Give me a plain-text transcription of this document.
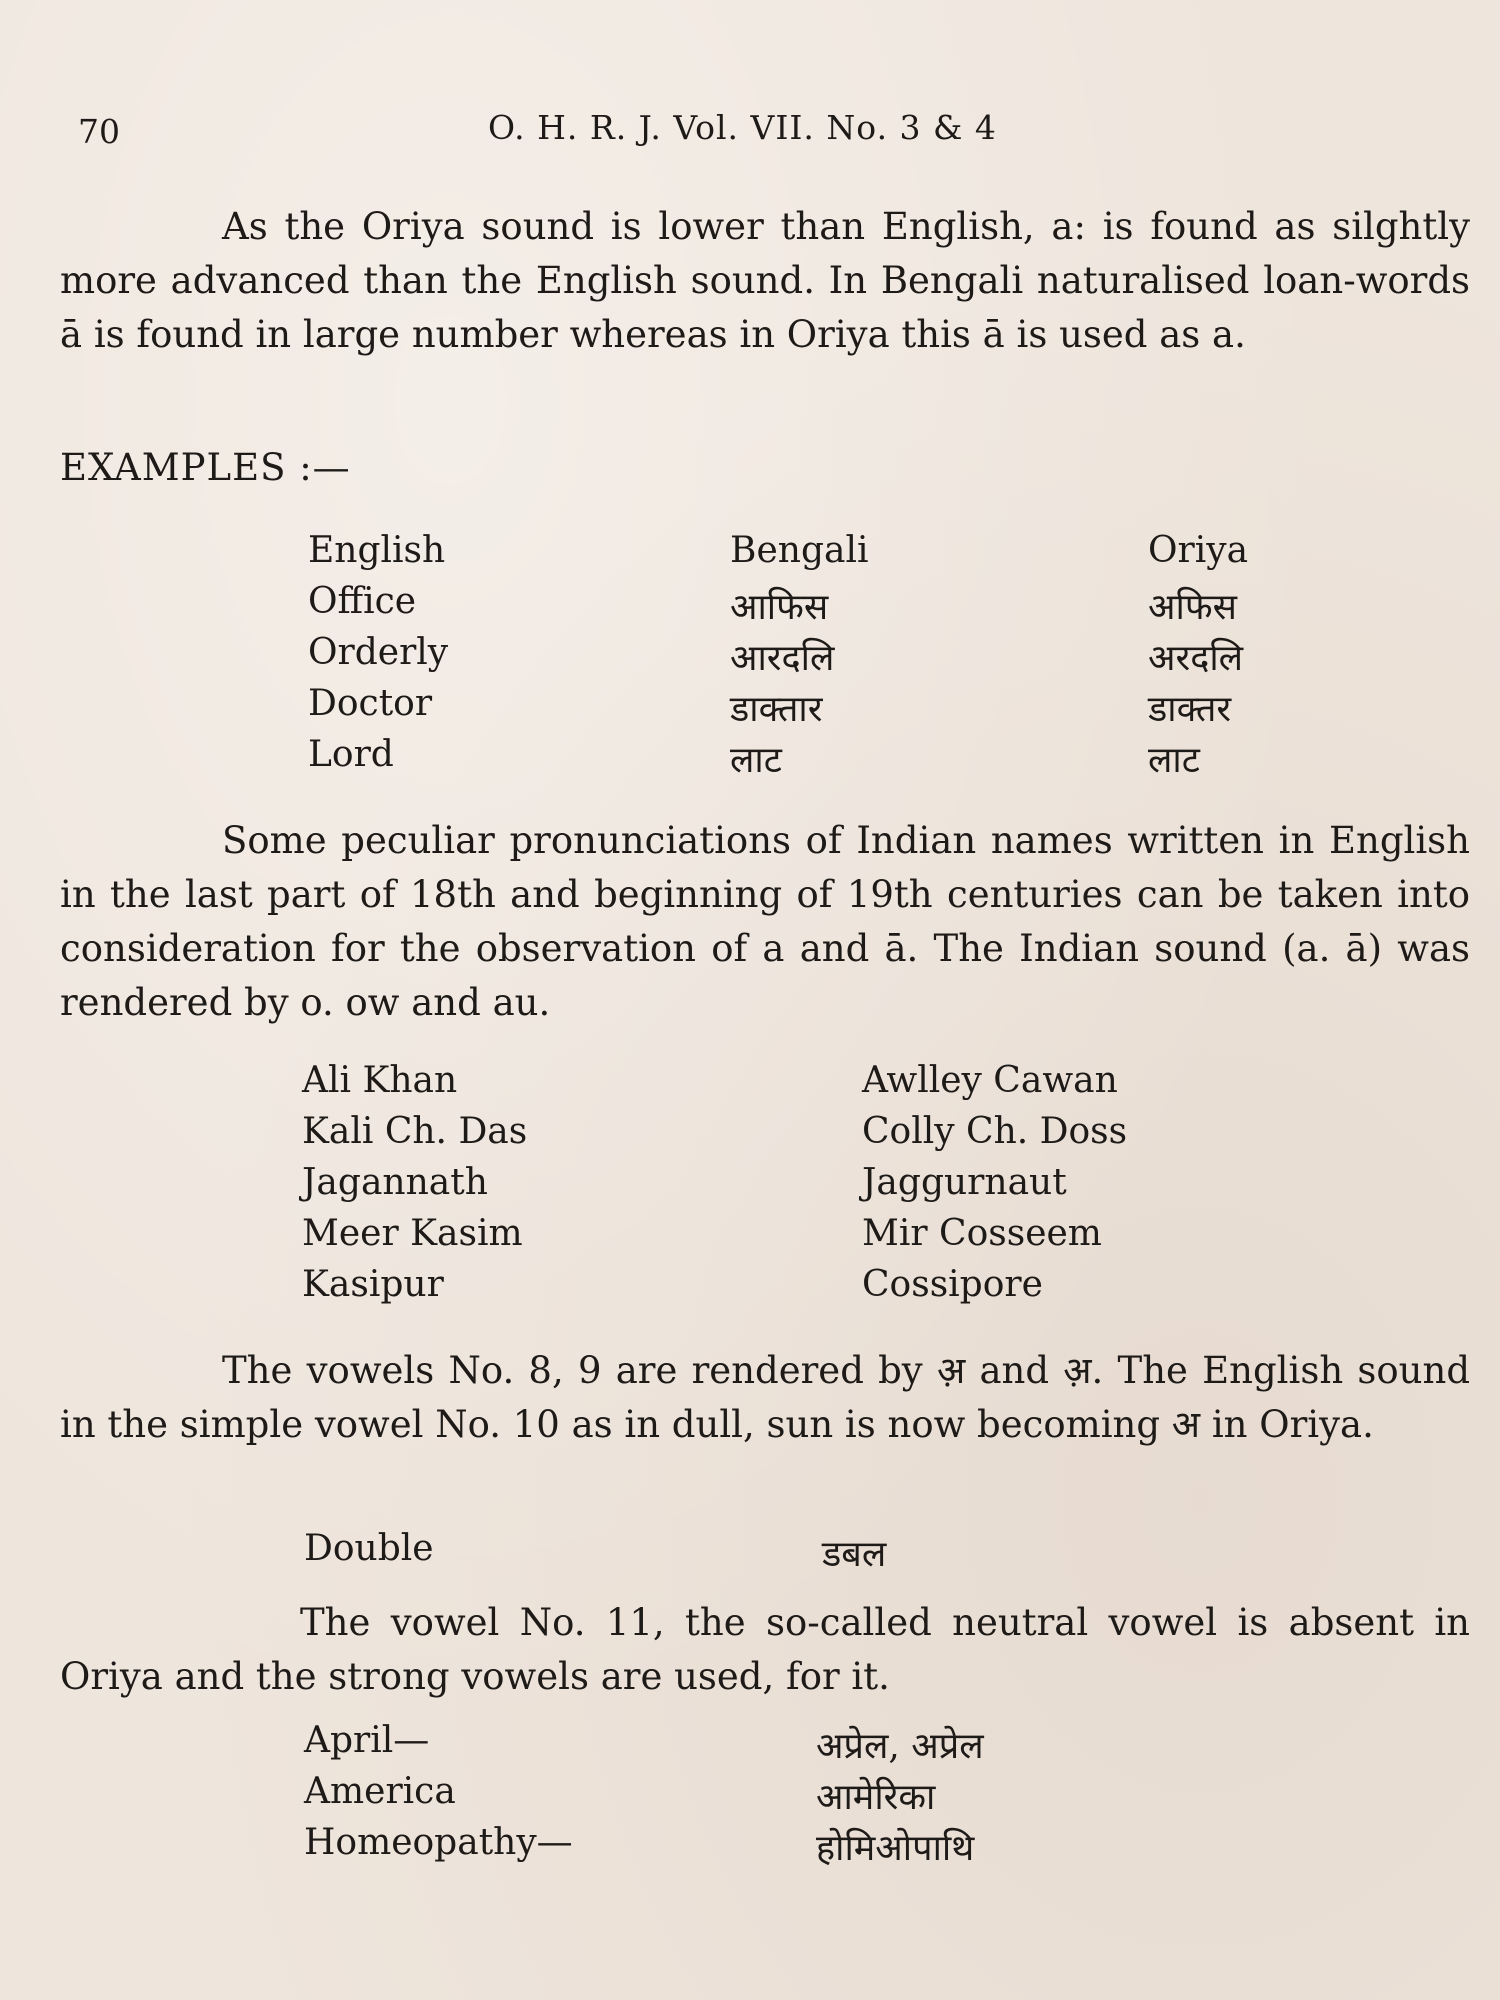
70	O. H. R. J. Vol. VII. No. 3 & 4

As the Oriya sound is lower than English, a: is found as silghtly more advanced than the English sound. In Bengali naturalised loan-words ā is found in large number whereas in Oriya this ā is used as a.

EXAMPLES :—
English	Bengali	Oriya
Office	आफिस	अफिस
Orderly	आरदलि	अरदलि
Doctor	डाक्तार	डाक्तर
Lord	लाट	लाट

Some peculiar pronunciations of Indian names written in English in the last part of 18th and beginning of 19th centuries can be taken into consideration for the observation of a and ā. The Indian sound (a. ā) was rendered by o. ow and au.

Ali Khan	Awlley Cawan
Kali Ch. Das	Colly Ch. Doss
Jagannath	Jaggurnaut
Meer Kasim	Mir Cosseem
Kasipur	Cossipore

The vowels No. 8, 9 are rendered by अ़ and अ़. The English sound in the simple vowel No. 10 as in dull, sun is now becoming अ in Oriya.

Double	डबल

The vowel No. 11, the so-called neutral vowel is absent in Oriya and the strong vowels are used, for it.

April—	अप्रेल, अप्रेल
America	आमेरिका
Homeopathy—	होमिओपाथि
